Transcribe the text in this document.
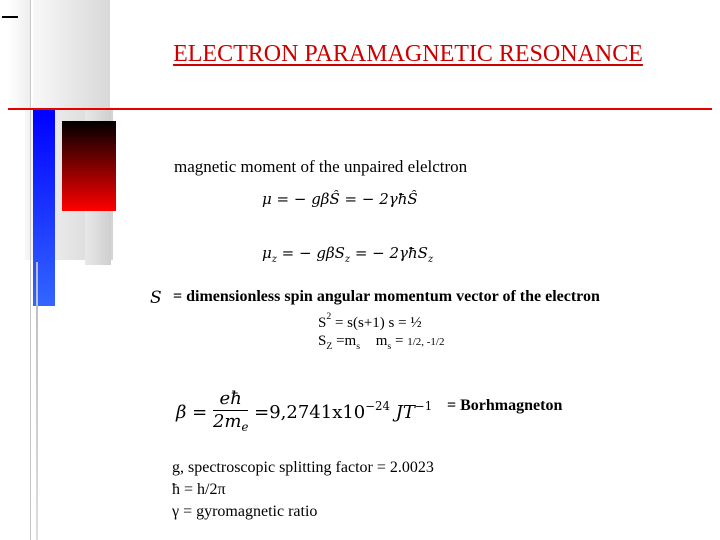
ELECTRON PARAMAGNETIC RESONANCE
magnetic moment of the unpaired elelctron
μ = − gβŜ = − 2γħŜ
$\mu_z$ = − gβS$_z$ = − 2γħS$_z$
S = dimensionless spin angular momentum vector of the electron
$S^2 = s(s+1) s$ = ½
$S_Z =m_s$ $m_s = 1/2$, -1/2
$\beta = \frac{eħ}{2m_e} =9,2741x10^{-24}$ $JT^{-1}$ = Borhmagneton
g, spectroscopic splitting factor = 2.0023
ħ = h/2π
γ = gyromagnetic ratio
